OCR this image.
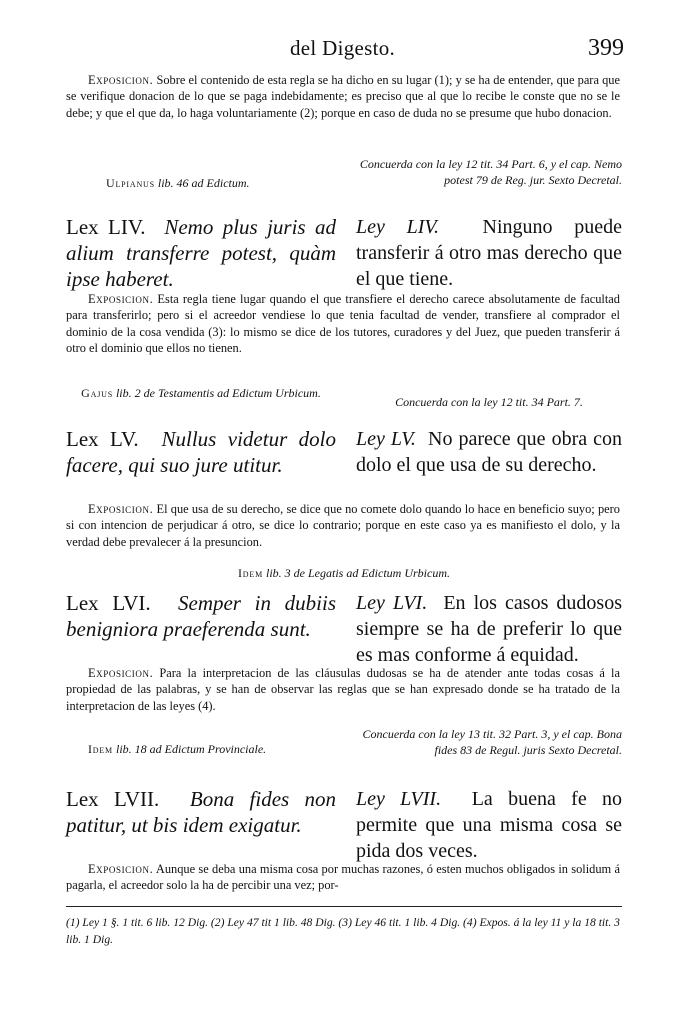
del Digesto.	399
Exposicion. Sobre el contenido de esta regla se ha dicho en su lugar (1); y se ha de entender, que para que se verifique donacion de lo que se paga indebidamente; es preciso que al que lo recibe le conste que no se le debe; y que el que da, lo haga voluntariamente (2); porque en caso de duda no se presume que hubo donacion.
Ulpianus lib. 46 ad Edictum.
Concuerda con la ley 12 tit. 34 Part. 6, y el cap. Nemo potest 79 de Reg. jur. Sexto Decretal.
Lex LIV. Nemo plus juris ad alium transferre potest, quàm ipse haberet.
Ley LIV. Ninguno puede transferir á otro mas derecho que el que tiene.
Exposicion. Esta regla tiene lugar quando el que transfiere el derecho carece absolutamente de facultad para transferirlo; pero si el acreedor vendiese lo que tenia facultad de vender, transfiere al comprador el dominio de la cosa vendida (3): lo mismo se dice de los tutores, curadores y del Juez, que pueden transferir á otro el dominio que ellos no tienen.
Gajus lib. 2 de Testamentis ad Edictum Urbicum.
Concuerda con la ley 12 tit. 34 Part. 7.
Lex LV. Nullus videtur dolo facere, qui suo jure utitur.
Ley LV. No parece que obra con dolo el que usa de su derecho.
Exposicion. El que usa de su derecho, se dice que no comete dolo quando lo hace en beneficio suyo; pero si con intencion de perjudicar á otro, se dice lo contrario; porque en este caso ya es manifiesto el dolo, y la verdad debe prevalecer á la presuncion.
Idem lib. 3 de Legatis ad Edictum Urbicum.
Lex LVI. Semper in dubiis benigniora praeferenda sunt.
Ley LVI. En los casos dudosos siempre se ha de preferir lo que es mas conforme á equidad.
Exposicion. Para la interpretacion de las cláusulas dudosas se ha de atender ante todas cosas á la propiedad de las palabras, y se han de observar las reglas que se han expresado donde se ha tratado de la interpretacion de las leyes (4).
Idem lib. 18 ad Edictum Provinciale.
Concuerda con la ley 13 tit. 32 Part. 3, y el cap. Bona fides 83 de Regul. juris Sexto Decretal.
Lex LVII. Bona fides non patitur, ut bis idem exigatur.
Ley LVII. La buena fe no permite que una misma cosa se pida dos veces.
Exposicion. Aunque se deba una misma cosa por muchas razones, ó esten muchos obligados in solidum á pagarla, el acreedor solo la ha de percibir una vez; por-
(1) Ley 1 §. 1 tit. 6 lib. 12 Dig. (2) Ley 47 tit 1 lib. 48 Dig. (3) Ley 46 tit. 1 lib. 4 Dig. (4) Expos. á la ley 11 y la 18 tit. 3 lib. 1 Dig.
